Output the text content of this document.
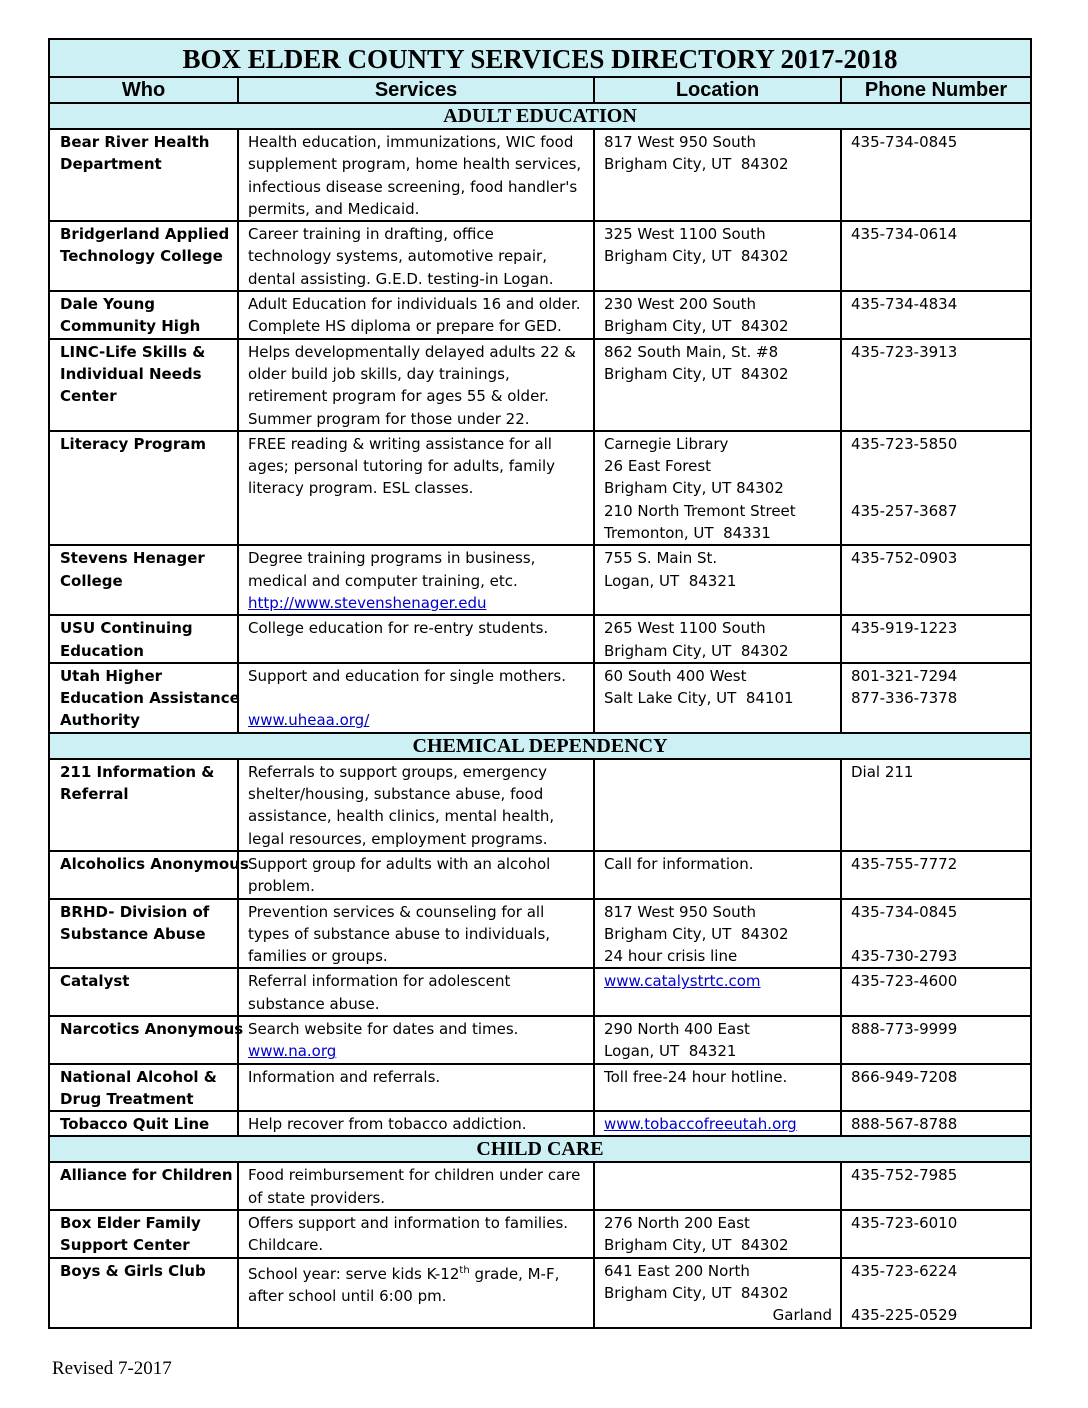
BOX ELDER COUNTY SERVICES DIRECTORY 2017-2018			
Who	Services	Location	Phone Number
ADULT EDUCATION			

Bear River Health
Department	Health education, immunizations, WIC food
supplement program, home health services,
infectious disease screening, food handler's
permits, and Medicaid.	817 West 950 South
Brigham City, UT  84302	435-734-0845

Bridgerland Applied
Technology College	Career training in drafting, office
technology systems, automotive repair,
dental assisting. G.E.D. testing-in Logan.	325 West 1100 South
Brigham City, UT  84302	435-734-0614

Dale Young
Community High	Adult Education for individuals 16 and older.
Complete HS diploma or prepare for GED.	230 West 200 South
Brigham City, UT  84302	435-734-4834

LINC-Life Skills &
Individual Needs
Center	Helps developmentally delayed adults 22 &
older build job skills, day trainings,
retirement program for ages 55 & older.
Summer program for those under 22.	862 South Main, St. #8
Brigham City, UT  84302	435-723-3913

Literacy Program	FREE reading & writing assistance for all
ages; personal tutoring for adults, family
literacy program. ESL classes.	Carnegie Library
26 East Forest
Brigham City, UT 84302
210 North Tremont Street
Tremonton, UT  84331	435-723-5850
435-257-3687

Stevens Henager
College	Degree training programs in business,
medical and computer training, etc.
http://www.stevenshenager.edu	755 S. Main St.
Logan, UT  84321	435-752-0903

USU Continuing
Education	College education for re-entry students.	265 West 1100 South
Brigham City, UT  84302	435-919-1223

Utah Higher
Education Assistance
Authority	Support and education for single mothers.
www.uheaa.org/	60 South 400 West
Salt Lake City, UT  84101	801-321-7294
877-336-7378

CHEMICAL DEPENDENCY			

211 Information &
Referral	Referrals to support groups, emergency
shelter/housing, substance abuse, food
assistance, health clinics, mental health,
legal resources, employment programs.		Dial 211

Alcoholics Anonymous	Support group for adults with an alcohol
problem.	Call for information.	435-755-7772

BRHD- Division of
Substance Abuse	Prevention services & counseling for all
types of substance abuse to individuals,
families or groups.	817 West 950 South
Brigham City, UT  84302
24 hour crisis line	435-734-0845
435-730-2793

Catalyst	Referral information for adolescent
substance abuse.	www.catalystrtc.com	435-723-4600

Narcotics Anonymous	Search website for dates and times.
www.na.org	290 North 400 East
Logan, UT  84321	888-773-9999

National Alcohol &
Drug Treatment	Information and referrals.	Toll free-24 hour hotline.	866-949-7208

Tobacco Quit Line	Help recover from tobacco addiction.	www.tobaccofreeutah.org	888-567-8788

CHILD CARE			

Alliance for Children	Food reimbursement for children under care
of state providers.		435-752-7985

Box Elder Family
Support Center	Offers support and information to families.
Childcare.	276 North 200 East
Brigham City, UT  84302	435-723-6010

Boys & Girls Club	School year: serve kids K-12th grade, M-F,
after school until 6:00 pm.	641 East 200 North
Brigham City, UT  84302
Garland	435-723-6224
435-225-0529
Revised 7-2017
